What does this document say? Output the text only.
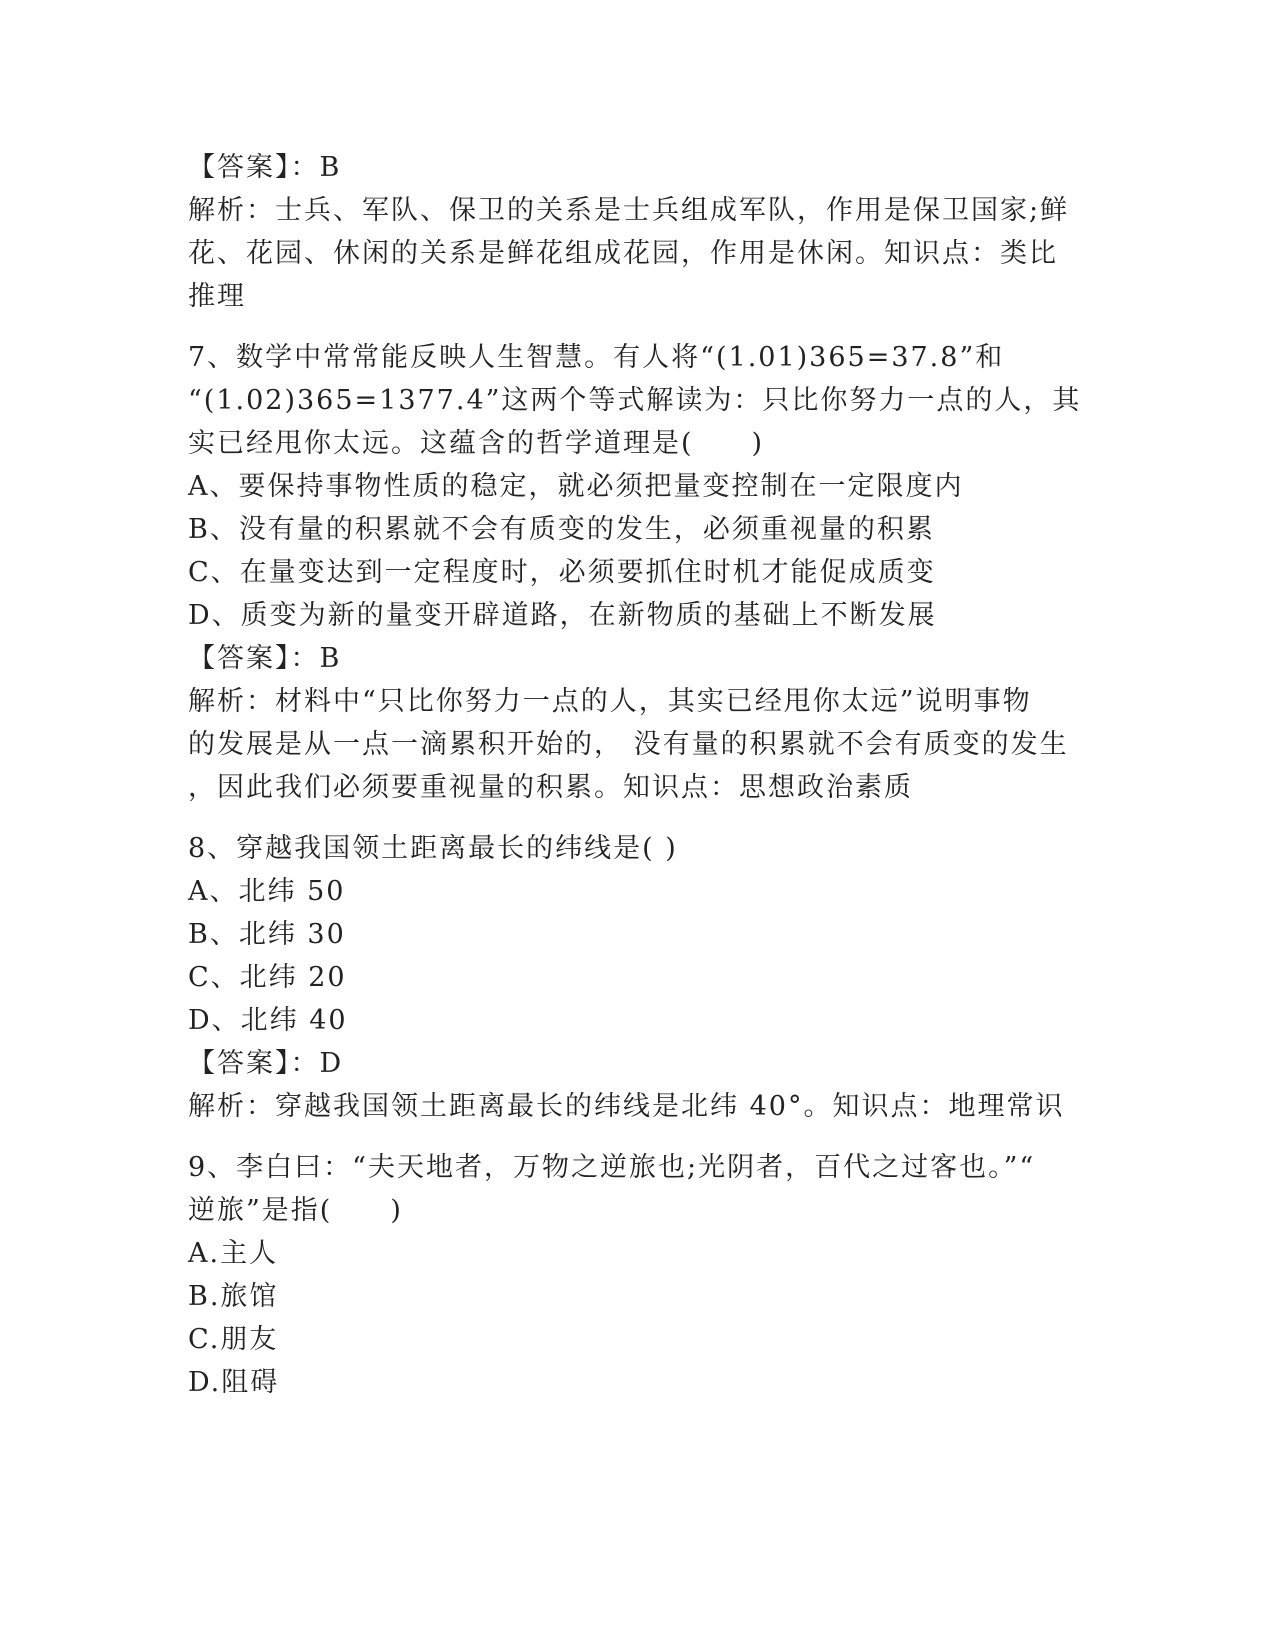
【答案】：B
解析：士兵、军队、保卫的关系是士兵组成军队，作用是保卫国家;鲜
花、花园、休闲的关系是鲜花组成花园，作用是休闲。知识点：类比
推理
7、数学中常常能反映人生智慧。有人将“(1.01)365=37.8”和
“(1.02)365=1377.4”这两个等式解读为：只比你努力一点的人，其
实已经甩你太远。这蕴含的哲学道理是(　　)
A、要保持事物性质的稳定，就必须把量变控制在一定限度内
B、没有量的积累就不会有质变的发生，必须重视量的积累
C、在量变达到一定程度时，必须要抓住时机才能促成质变
D、质变为新的量变开辟道路，在新物质的基础上不断发展
【答案】：B
解析：材料中“只比你努力一点的人，其实已经甩你太远”说明事物
的发展是从一点一滴累积开始的， 没有量的积累就不会有质变的发生
，因此我们必须要重视量的积累。知识点：思想政治素质
8、穿越我国领土距离最长的纬线是( )
A、北纬 50
B、北纬 30
C、北纬 20
D、北纬 40
【答案】：D
解析：穿越我国领土距离最长的纬线是北纬 40°。知识点：地理常识
9、李白曰：“夫天地者，万物之逆旅也;光阴者，百代之过客也。”“
逆旅”是指(　　)
A.主人
B.旅馆
C.朋友
D.阻碍
